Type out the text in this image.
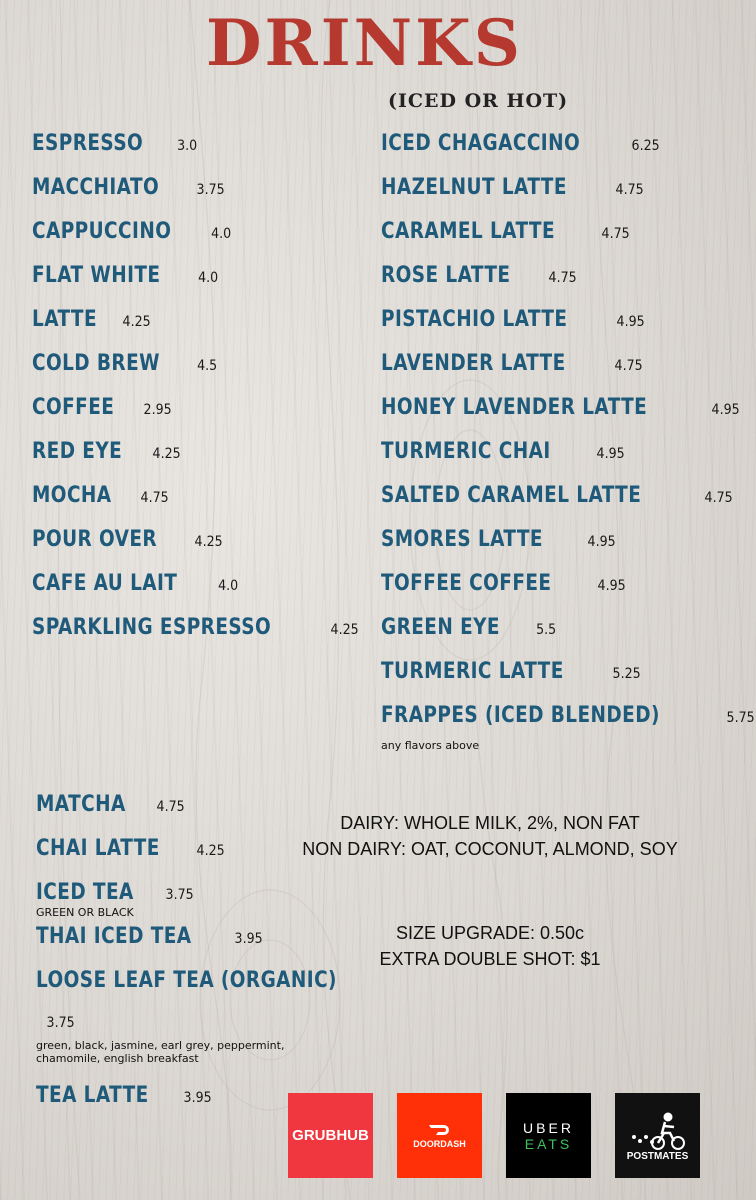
DRINKS
(ICED OR HOT)
ESPRESSO 3.0
MACCHIATO	3.75
CAPPUCCINO	4.0
FLAT WHITE	4.0
LATTE 4.25
COLD BREW	4.5
COFFEE 2.95
RED EYE 4.25
MOCHA 4.75
POUR OVER	4.25
CAFE AU LAIT	4.0
SPARKLING ESPRESSO	4.25
ICED CHAGACCINO	6.25
HAZELNUT LATTE	4.75
CARAMEL LATTE	4.75
ROSE LATTE	4.75
PISTACHIO LATTE	4.95
LAVENDER LATTE	4.75
HONEY LAVENDER LATTE	4.95
TURMERIC CHAI	4.95
SALTED CARAMEL LATTE	4.75
SMORES LATTE	4.95
TOFFEE COFFEE	4.95
GREEN EYE	5.5
TURMERIC LATTE	5.25
FRAPPES (ICED BLENDED)	5.75
any flavors above
MATCHA 4.75
CHAI LATTE	4.25
ICED TEA 3.75
GREEN OR BLACK
THAI ICED TEA	3.95
LOOSE LEAF TEA (ORGANIC)
3.75
green, black, jasmine, earl grey, peppermint, chamomile, english breakfast
TEA LATTE	3.95
DAIRY: WHOLE MILK, 2%, NON FAT
NON DAIRY: OAT, COCONUT, ALMOND, SOY
SIZE UPGRADE: 0.50c
EXTRA DOUBLE SHOT: $1
GRUBHUB	DOORDASH
UBER
EATS
POSTMATES
